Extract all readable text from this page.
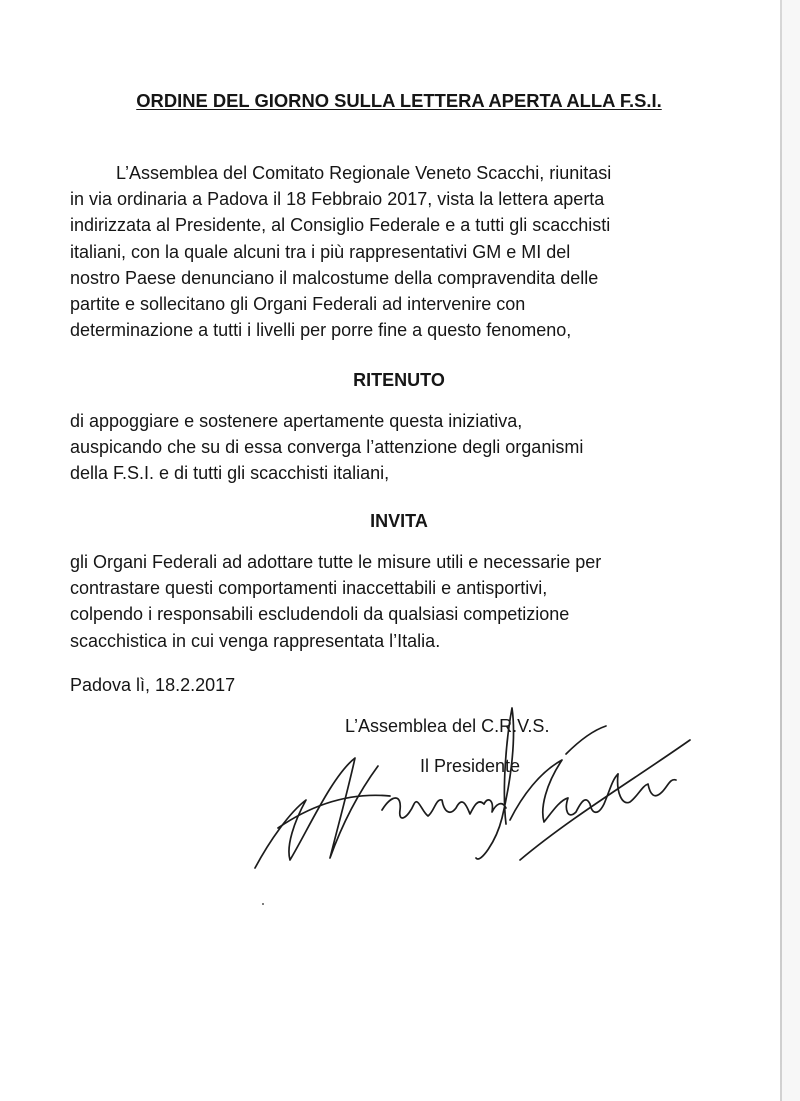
ORDINE DEL GIORNO SULLA LETTERA APERTA ALLA F.S.I.

L’Assemblea del Comitato Regionale Veneto Scacchi, riunitasi

in via ordinaria a Padova il 18 Febbraio 2017, vista la lettera aperta

indirizzata al Presidente, al Consiglio Federale e a tutti gli scacchisti

italiani, con la quale alcuni tra i più rappresentativi GM e MI del

nostro Paese denunciano il malcostume della compravendita delle

partite e sollecitano gli Organi Federali ad intervenire con

determinazione a tutti i livelli per porre fine a questo fenomeno,

RITENUTO

di appoggiare e sostenere apertamente questa iniziativa,

auspicando che su di essa converga l’attenzione degli organismi

della F.S.I. e di tutti gli scacchisti italiani,

INVITA

gli Organi Federali ad adottare tutte le misure utili e necessarie per

contrastare questi comportamenti inaccettabili e antisportivi,

colpendo i responsabili escludendoli da qualsiasi competizione

scacchistica in cui venga rappresentata l’Italia.

Padova lì, 18.2.2017
L’Assemblea del C.R.V.S.
Il Presidente
